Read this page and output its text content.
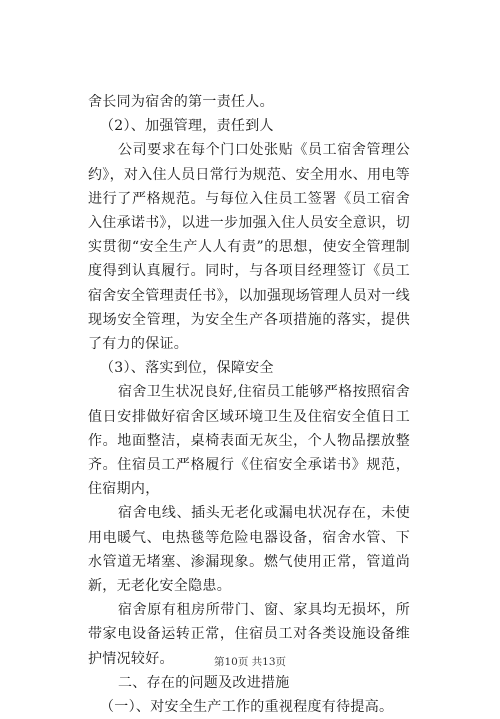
舍长同为宿舍的第一责任人。

（2）、加强管理，责任到人

公司要求在每个门口处张贴《员工宿舍管理公约》，对入住人员日常行为规范、安全用水、用电等进行了严格规范。与每位入住员工签署《员工宿舍入住承诺书》，以进一步加强入住人员安全意识，切实贯彻“安全生产人人有责”的思想，使安全管理制度得到认真履行。同时，与各项目经理签订《员工宿舍安全管理责任书》，以加强现场管理人员对一线现场安全管理，为安全生产各项措施的落实，提供了有力的保证。

（3）、落实到位，保障安全

宿舍卫生状况良好,住宿员工能够严格按照宿舍值日安排做好宿舍区域环境卫生及住宿安全值日工作。地面整洁，桌椅表面无灰尘，个人物品摆放整齐。住宿员工严格履行《住宿安全承诺书》规范，住宿期内，

宿舍电线、插头无老化或漏电状况存在，未使用电暖气、电热毯等危险电器设备，宿舍水管、下水管道无堵塞、渗漏现象。燃气使用正常，管道尚新，无老化安全隐患。

宿舍原有租房所带门、窗、家具均无损坏，所带家电设备运转正常，住宿员工对各类设施设备维护情况较好。

二、存在的问题及改进措施

（一）、对安全生产工作的重视程度有待提高。

第10页 共13页
